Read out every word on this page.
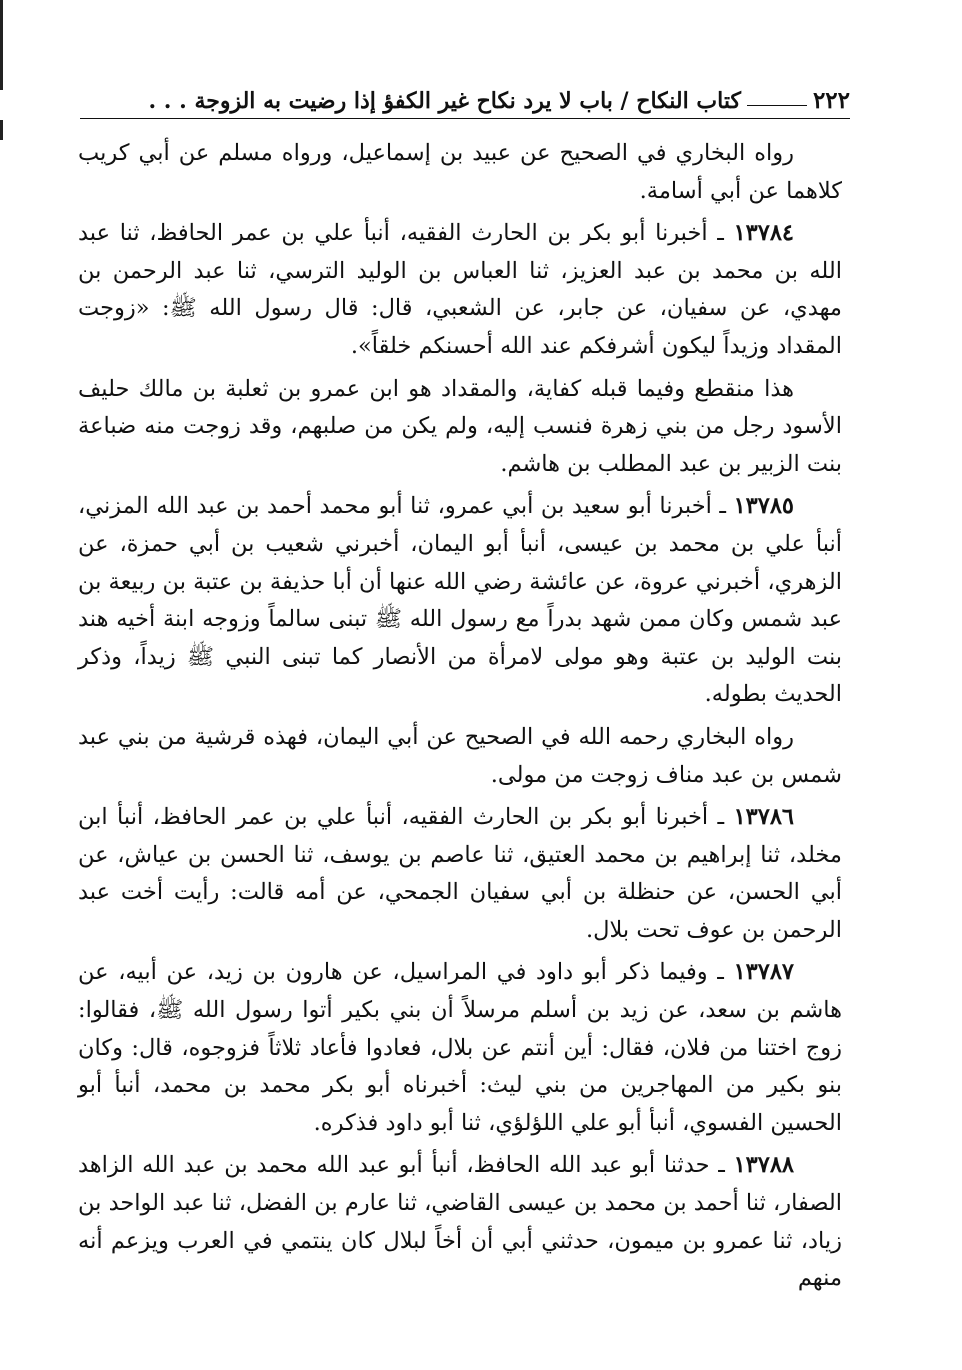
٢٢٢
كتاب النكاح / باب لا يرد نكاح غير الكفؤ إذا رضيت به الزوجة . . .

رواه البخاري في الصحيح عن عبيد بن إسماعيل، ورواه مسلم عن أبي كريب كلاهما عن أبي أسامة.

١٣٧٨٤ ـ أخبرنا أبو بكر بن الحارث الفقيه، أنبأ علي بن عمر الحافظ، ثنا عبد الله بن محمد بن عبد العزيز، ثنا العباس بن الوليد الترسي، ثنا عبد الرحمن بن مهدي، عن سفيان، عن جابر، عن الشعبي، قال: قال رسول الله ﷺ: «زوجت المقداد وزيداً ليكون أشرفكم عند الله أحسنكم خلقاً».

هذا منقطع وفيما قبله كفاية، والمقداد هو ابن عمرو بن ثعلبة بن مالك حليف الأسود رجل من بني زهرة فنسب إليه، ولم يكن من صلبهم، وقد زوجت منه ضباعة بنت الزبير بن عبد المطلب بن هاشم.

١٣٧٨٥ ـ أخبرنا أبو سعيد بن أبي عمرو، ثنا أبو محمد أحمد بن عبد الله المزني، أنبأ علي بن محمد بن عيسى، أنبأ أبو اليمان، أخبرني شعيب بن أبي حمزة، عن الزهري، أخبرني عروة، عن عائشة رضي الله عنها أن أبا حذيفة بن عتبة بن ربيعة بن عبد شمس وكان ممن شهد بدراً مع رسول الله ﷺ تبنى سالماً وزوجه ابنة أخيه هند بنت الوليد بن عتبة وهو مولى لامرأة من الأنصار كما تبنى النبي ﷺ زيداً، وذكر الحديث بطوله.

رواه البخاري رحمه الله في الصحيح عن أبي اليمان، فهذه قرشية من بني عبد شمس بن عبد مناف زوجت من مولى.

١٣٧٨٦ ـ أخبرنا أبو بكر بن الحارث الفقيه، أنبأ علي بن عمر الحافظ، أنبأ ابن مخلد، ثنا إبراهيم بن محمد العتيق، ثنا عاصم بن يوسف، ثنا الحسن بن عياش، عن أبي الحسن، عن حنظلة بن أبي سفيان الجمحي، عن أمه قالت: رأيت أخت عبد الرحمن بن عوف تحت بلال.

١٣٧٨٧ ـ وفيما ذكر أبو داود في المراسيل، عن هارون بن زيد، عن أبيه، عن هاشم بن سعد، عن زيد بن أسلم مرسلاً أن بني بكير أتوا رسول الله ﷺ، فقالوا: زوج اختنا من فلان، فقال: أين أنتم عن بلال، فعادوا فأعاد ثلاثاً فزوجوه، قال: وكان بنو بكير من المهاجرين من بني ليث: أخبرناه أبو بكر محمد بن محمد، أنبأ أبو الحسين الفسوي، أنبأ أبو علي اللؤلؤي، ثنا أبو داود فذكره.

١٣٧٨٨ ـ حدثنا أبو عبد الله الحافظ، أنبأ أبو عبد الله محمد بن عبد الله الزاهد الصفار، ثنا أحمد بن محمد بن عيسى القاضي، ثنا عارم بن الفضل، ثنا عبد الواحد بن زياد، ثنا عمرو بن ميمون، حدثني أبي أن أخاً لبلال كان ينتمي في العرب ويزعم أنه منهم
